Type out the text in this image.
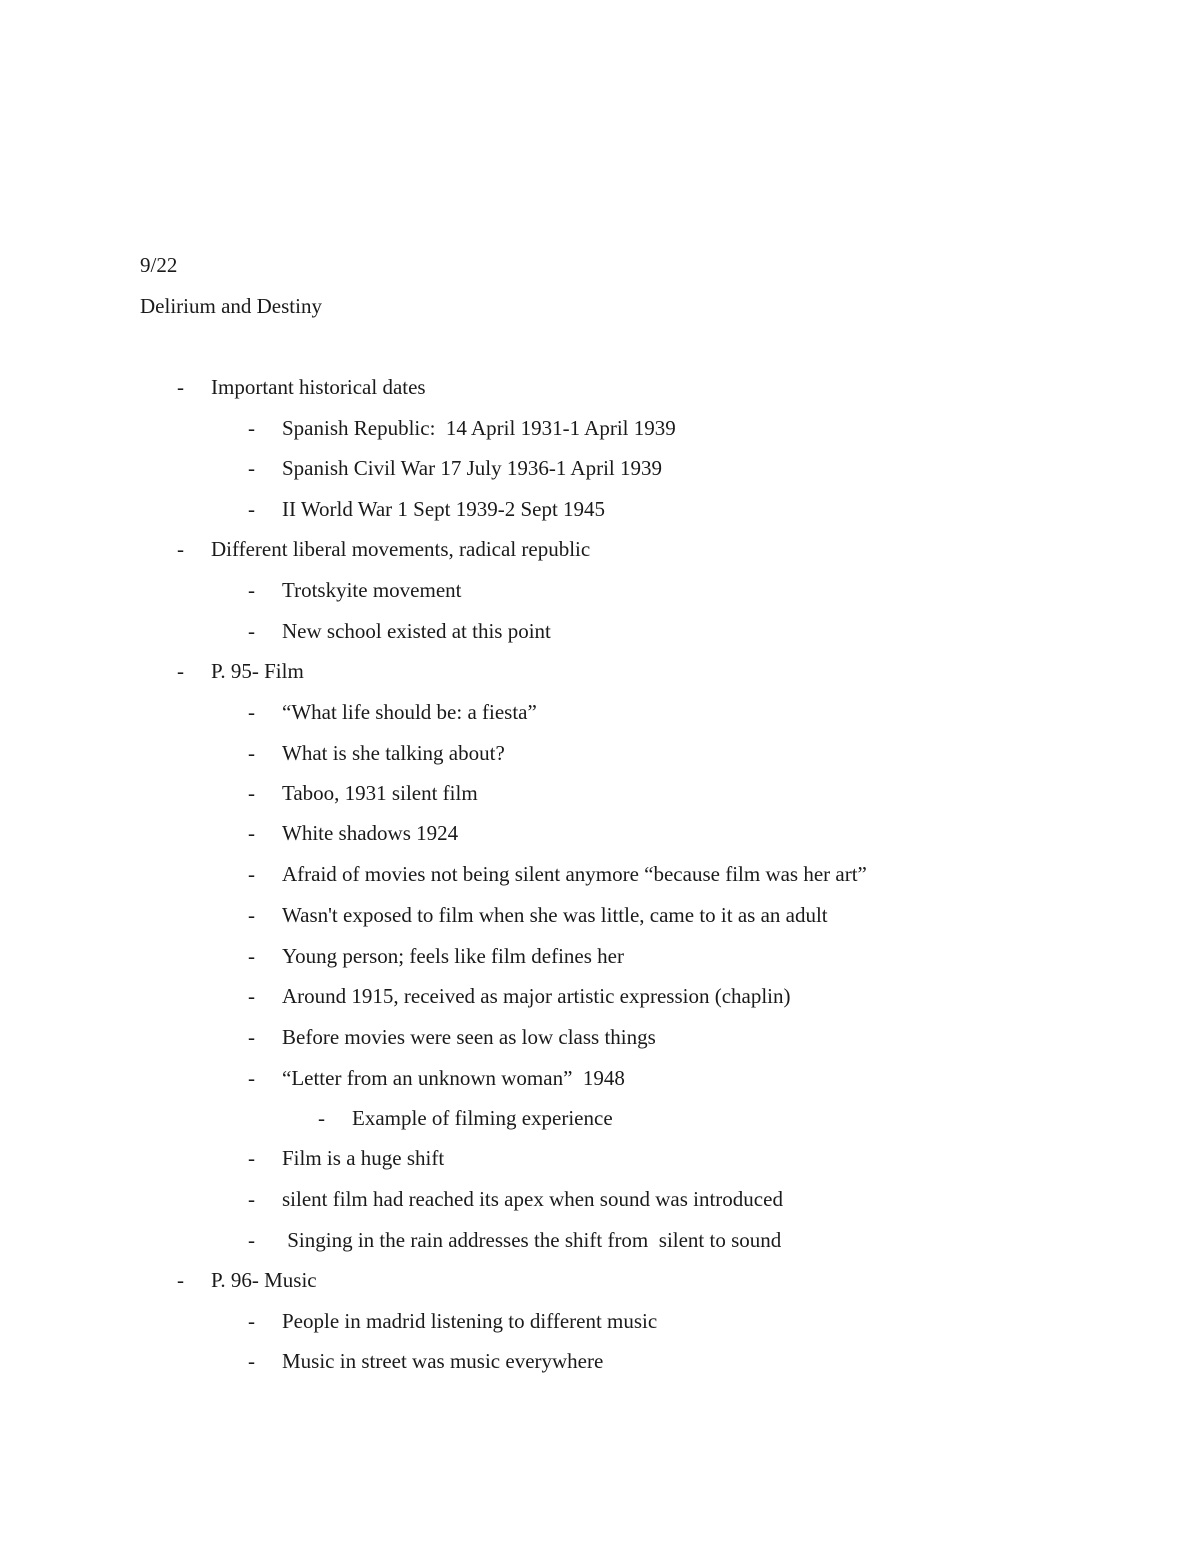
9/22
Delirium and Destiny
- Important historical dates
- Spanish Republic:  14 April 1931-1 April 1939
- Spanish Civil War 17 July 1936-1 April 1939
- II World War 1 Sept 1939-2 Sept 1945
- Different liberal movements, radical republic
- Trotskyite movement
- New school existed at this point
- P. 95- Film
- “What life should be: a fiesta”
- What is she talking about?
- Taboo, 1931 silent film
- White shadows 1924
- Afraid of movies not being silent anymore “because film was her art”
- Wasn't exposed to film when she was little, came to it as an adult
- Young person; feels like film defines her
- Around 1915, received as major artistic expression (chaplin)
- Before movies were seen as low class things
- “Letter from an unknown woman”  1948
- Example of filming experience
- Film is a huge shift
- silent film had reached its apex when sound was introduced
- Singing in the rain addresses the shift from  silent to sound
- P. 96- Music
- People in madrid listening to different music
- Music in street was music everywhere
